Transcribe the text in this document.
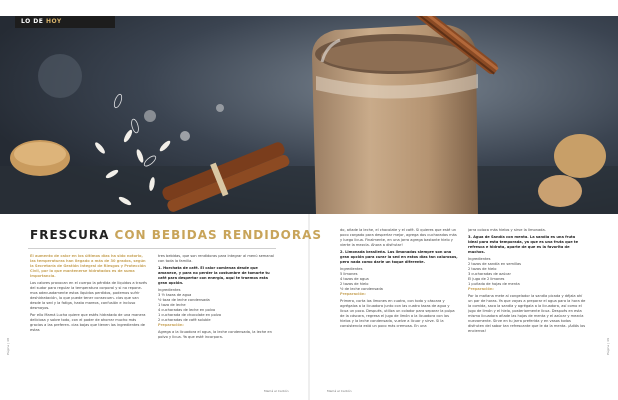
LO DE HOY
FRESCURA CON BEBIDAS RENDIDORAS

El aumento de calor en los últimos días ha sido notorio, las temperaturas han llegado a más de 30 grados, según la Secretaría de Gestión Integral de Riesgos y Protección Civil, por lo que mantenerse hidratados es de suma importancia.

Los calores provocan en el cuerpo la pérdida de líquidos a través del sudor para regular la temperatura corporal y si no repone- mos adecuadamente estos líquidos perdidos, podemos sufrir deshidratación, lo que puede tener consecuen- cias que van desde la sed y la fatiga, hasta mareos, confusión e incluso desmayos.

Por ello Mamá Lucha quiere que estés hidratado de una manera deliciosa y sobre todo, con el poder de ahorrar mucho más gracias a las preferen- cias bajas que tienen los ingredientes de estas

tres bebidas, que son rendidoras para integrar al menú semanal con toda la familia.

1. Horchata de café. El calor comienza desde que amanece, y para no perder la costumbre de tomarte tu café para despertar con energía, aquí te traemos esta gran opción.

Ingredientes

3 ½ tazas de agua

½ taza de leche condensada

1 taza de leche

4 cucharadas de leche en polvo

1 cucharada de chocolate en polvo

2 cucharadas de café soluble

Preparación:

Agrega a la licuadora el agua, la leche condensada, la leche en polvo y licua. Ya que esté incorpora-

do, añade la leche, el chocolate y el café. Si quieres que esté un poco cargado para despertar mejor, agrega dos cucharadas más y luego licua. Finalmente, en una jarra agrega bastante hielo y vierte la mezcla. Ahora a disfrutar!

2. Limonada brasileña. Las limonadas siempre son una gran opción para curar la sed en estos días tan calurosos, pero nada como darle un toque diferente.

Ingredientes

5 limones

4 tazas de agua

2 tazas de hielo

½ de leche condensada

Preparación:

Primero, corta los limones en cuatro, con todo y cáscara y agrégalos a la licuadora junto con las cuatro tazas de agua y licua un poco. Después, utiliza un colador para separar la pulpa de la cáscara, regresa el jugo de limón a la licuadora con los hielos y la leche condensada, vuelve a licuar y sirve. Si la consistencia está un poco más cremosa. En una

jarra coloca más hielos y sirve la limonada.

3. Agua de Sandía con menta. La sandía es una fruta ideal para esta temporada, ya que es una fruta que te refresca e hidrata, aparte de que es la favorita de muchos.

Ingredientes

2 tazas de sandía en semillas

2 tazas de hielo

3 cucharadas de azúcar

El jugo de 2 limones

1 puñado de hojas de menta

Preparación:

Por la mañana mete al congelador la sandía picada y déjala ahí un par de horas. Ya que vayas a preparar el agua para la hora de la comida, saca la sandía y agrégala a la licuadora, así como el jugo de limón y el hielo, posteriormente licua. Después en esta misma licuadora añade las hojas de menta y el azúcar y mezcla nuevamente. Sirve en tu jarra preferida y en vasos todos disfruten del sabor tan refrescante que le da la menta. ¡Adiós los encierros!

Página | 48	Página | 49
Mamá el Carbón	Mamá el Carbón
